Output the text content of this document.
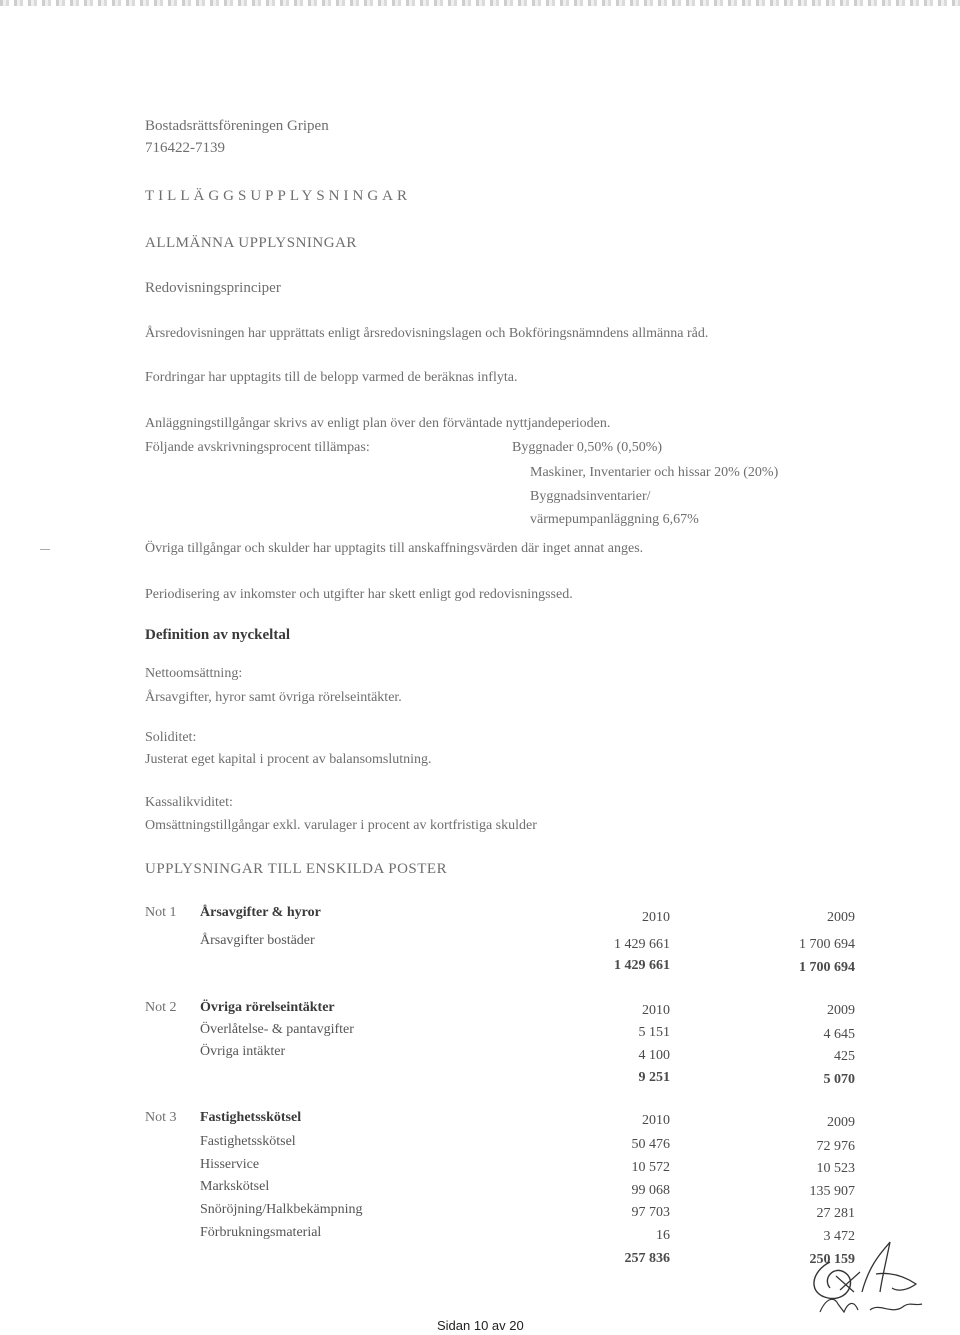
Bostadsrättsföreningen Gripen
716422-7139
TILLÄGGSUPPLYSNINGAR
ALLMÄNNA UPPLYSNINGAR
Redovisningsprinciper
Årsredovisningen har upprättats enligt årsredovisningslagen och Bokföringsnämndens allmänna råd.
Fordringar har upptagits till de belopp varmed de beräknas inflyta.
Anläggningstillgångar skrivs av enligt plan över den förväntade nyttjandeperioden.
Följande avskrivningsprocent tillämpas:	Byggnader 0,50% (0,50%)
Maskiner, Inventarier och hissar 20% (20%)
Byggnadsinventarier/
värmepumpanläggning 6,67%
Övriga tillgångar och skulder har upptagits till anskaffningsvärden där inget annat anges.
Periodisering av inkomster och utgifter har skett enligt god redovisningssed.
Definition av nyckeltal
Nettoomsättning:
Årsavgifter, hyror samt övriga rörelseintäkter.
Soliditet:
Justerat eget kapital i procent av balansomslutning.
Kassalikviditet:
Omsättningstillgångar exkl. varulager i procent av kortfristiga skulder
UPPLYSNINGAR TILL ENSKILDA POSTER
Not 1 Årsavgifter & hyror	2010	2009
Årsavgifter bostäder	1 429 661	1 700 694
1 429 661	1 700 694
Not 2 Övriga rörelseintäkter	2010	2009
Överlåtelse- & pantavgifter	5 151	4 645
Övriga intäkter	4 100	425
9 251	5 070
Not 3 Fastighetsskötsel	2010	2009
Fastighetsskötsel	50 476	72 976
Hisservice	10 572	10 523
Markskötsel	99 068	135 907
Snöröjning/Halkbekämpning	97 703	27 281
Förbrukningsmaterial	16	3 472
257 836	250 159
Sidan 10 av 20
